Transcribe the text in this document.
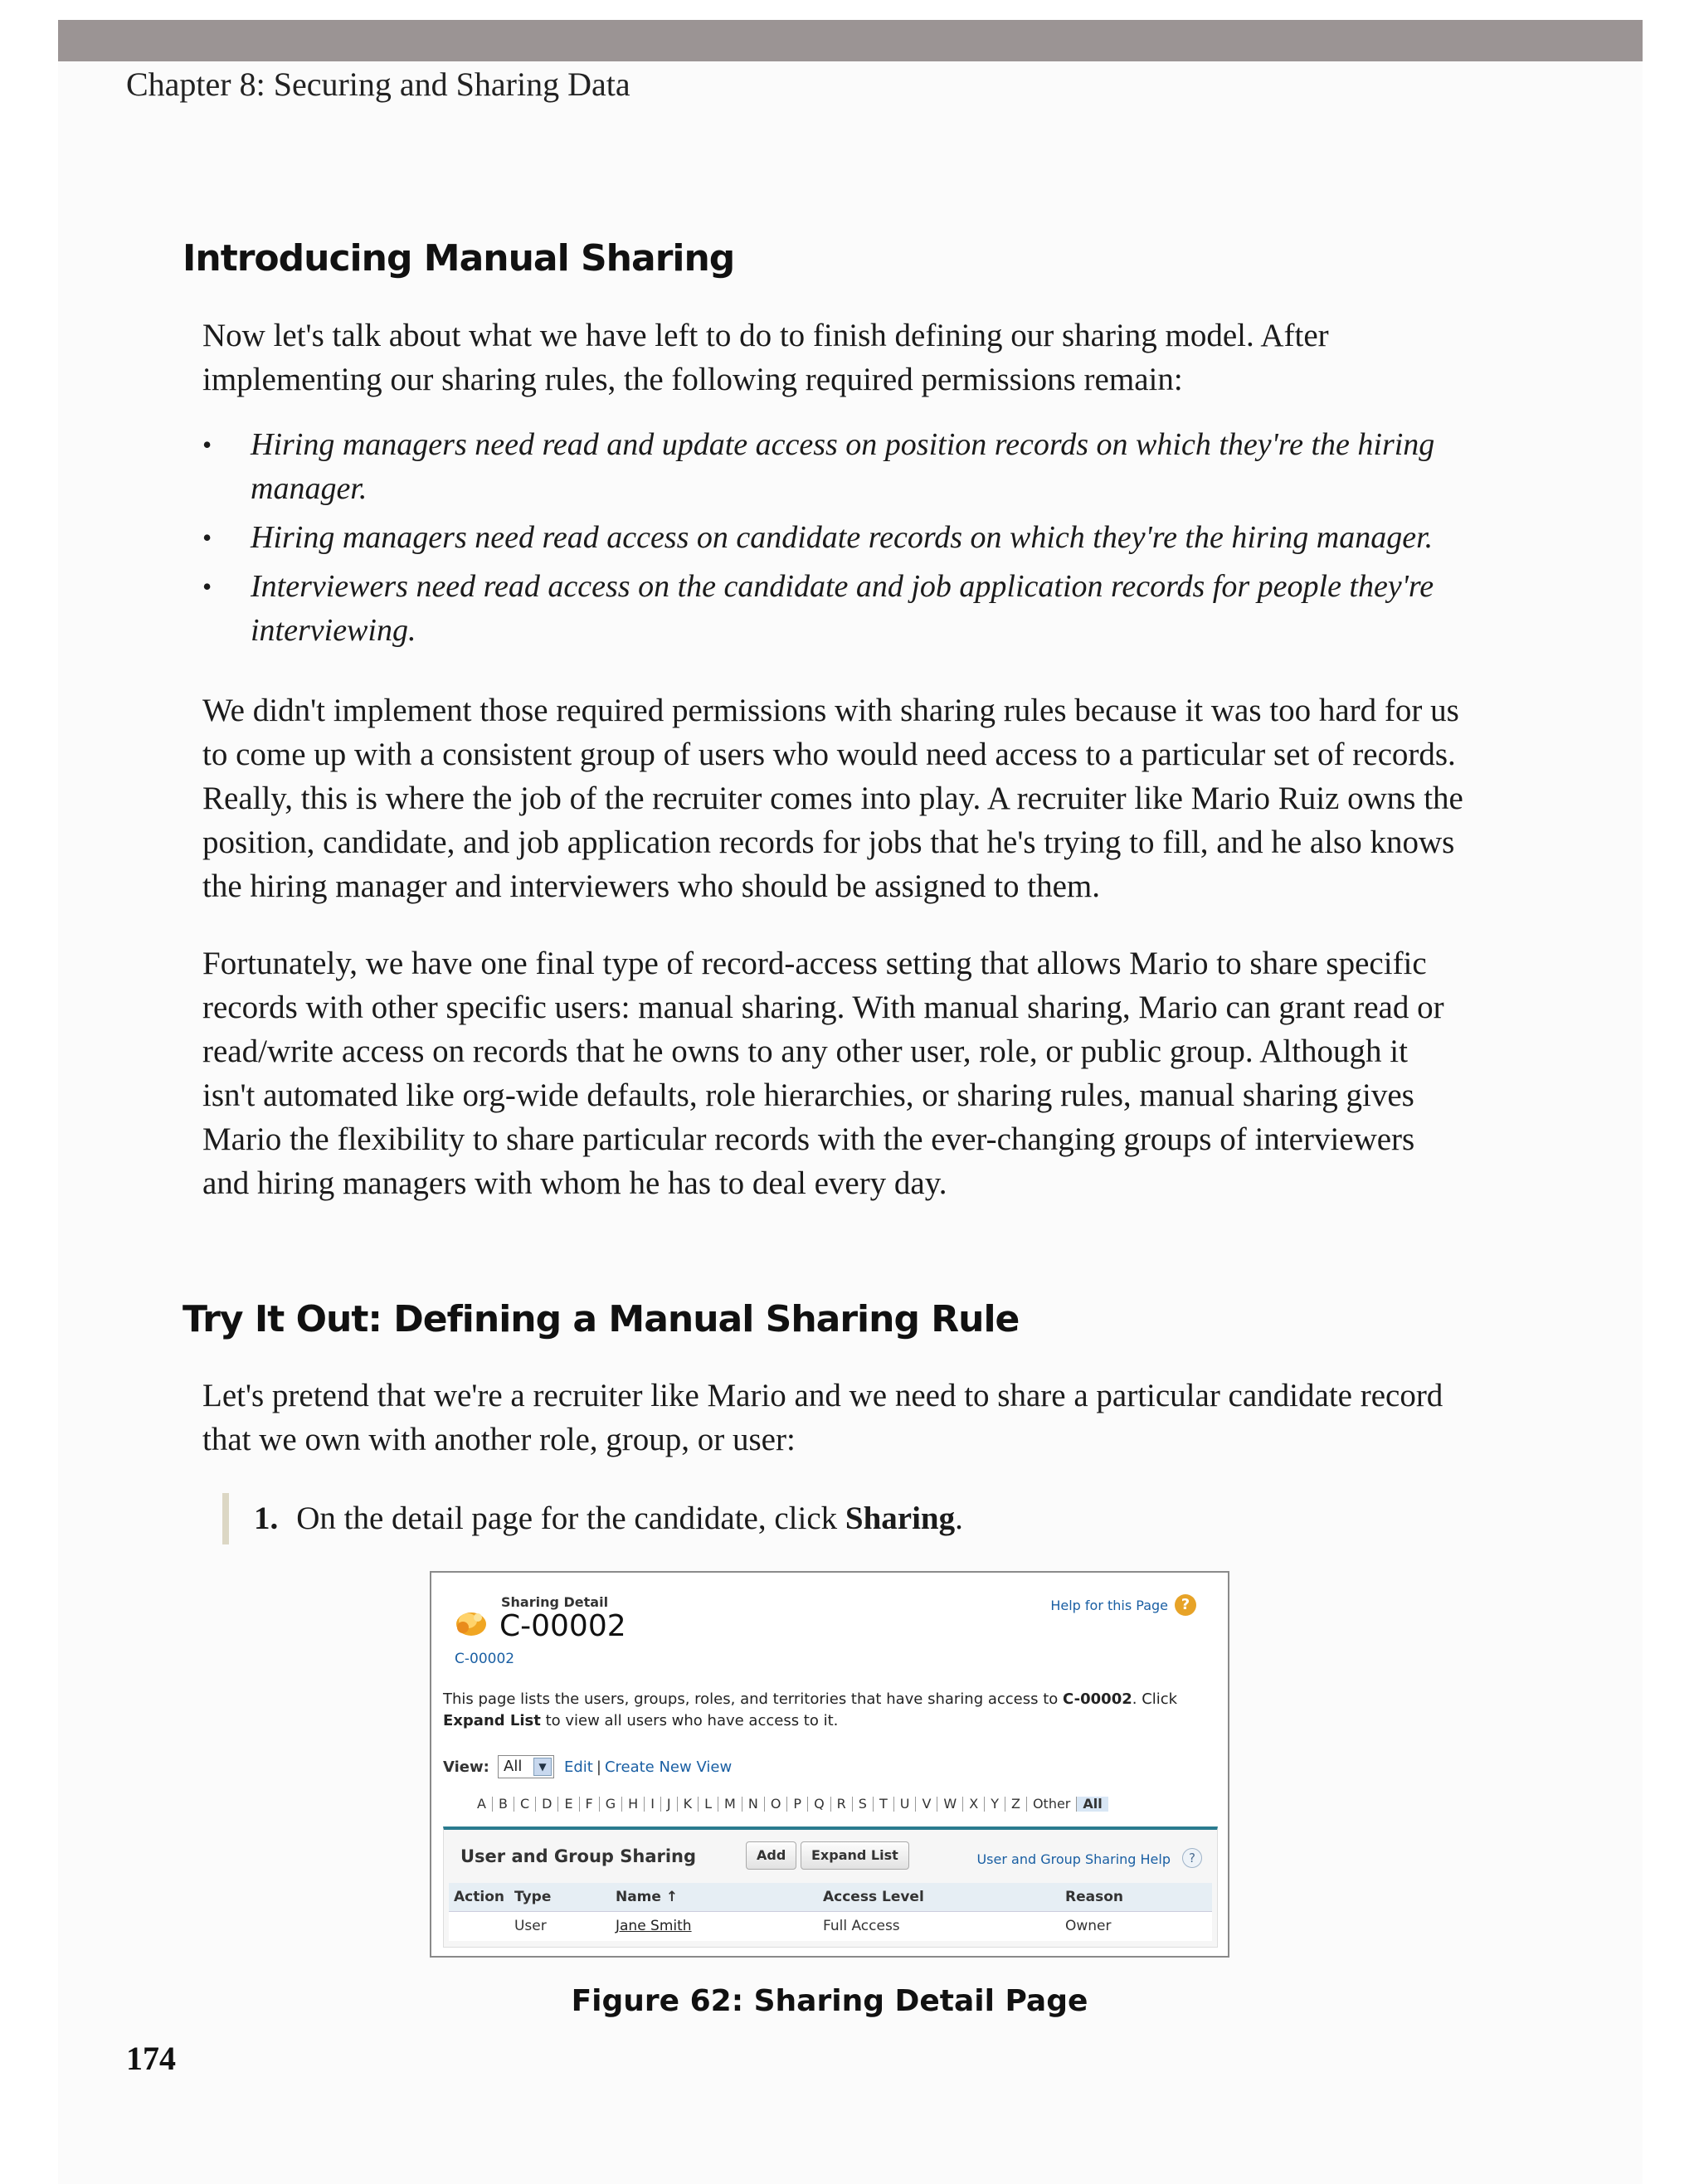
Chapter 8: Securing and Sharing Data
Introducing Manual Sharing

Now let's talk about what we have left to do to finish defining our sharing model. After implementing our sharing rules, the following required permissions remain:

• Hiring managers need read and update access on position records on which they're the hiring manager.
• Hiring managers need read access on candidate records on which they're the hiring manager.
• Interviewers need read access on the candidate and job application records for people they're interviewing.

We didn't implement those required permissions with sharing rules because it was too hard for us to come up with a consistent group of users who would need access to a particular set of records. Really, this is where the job of the recruiter comes into play. A recruiter like Mario Ruiz owns the position, candidate, and job application records for jobs that he's trying to fill, and he also knows the hiring manager and interviewers who should be assigned to them.

Fortunately, we have one final type of record-access setting that allows Mario to share specific records with other specific users: manual sharing. With manual sharing, Mario can grant read or read/write access on records that he owns to any other user, role, or public group. Although it isn't automated like org-wide defaults, role hierarchies, or sharing rules, manual sharing gives Mario the flexibility to share particular records with the ever-changing groups of interviewers and hiring managers with whom he has to deal every day.

Try It Out: Defining a Manual Sharing Rule

Let's pretend that we're a recruiter like Mario and we need to share a particular candidate record that we own with another role, group, or user:

1. On the detail page for the candidate, click Sharing.
Sharing Detail
C-00002
C-00002
Help for this Page ?
This page lists the users, groups, roles, and territories that have sharing access to C-00002. Click Expand List to view all users who have access to it.
View: All	▼	Edit | Create New View
A B C D E F G H I J K L M N O P Q R S T U V W X Y Z Other All
User and Group Sharing	Add	Expand List	User and Group Sharing Help	?
Action	Type	Name ↑	Access Level	Reason
	User	Jane Smith	Full Access	Owner
Figure 62: Sharing Detail Page
174
